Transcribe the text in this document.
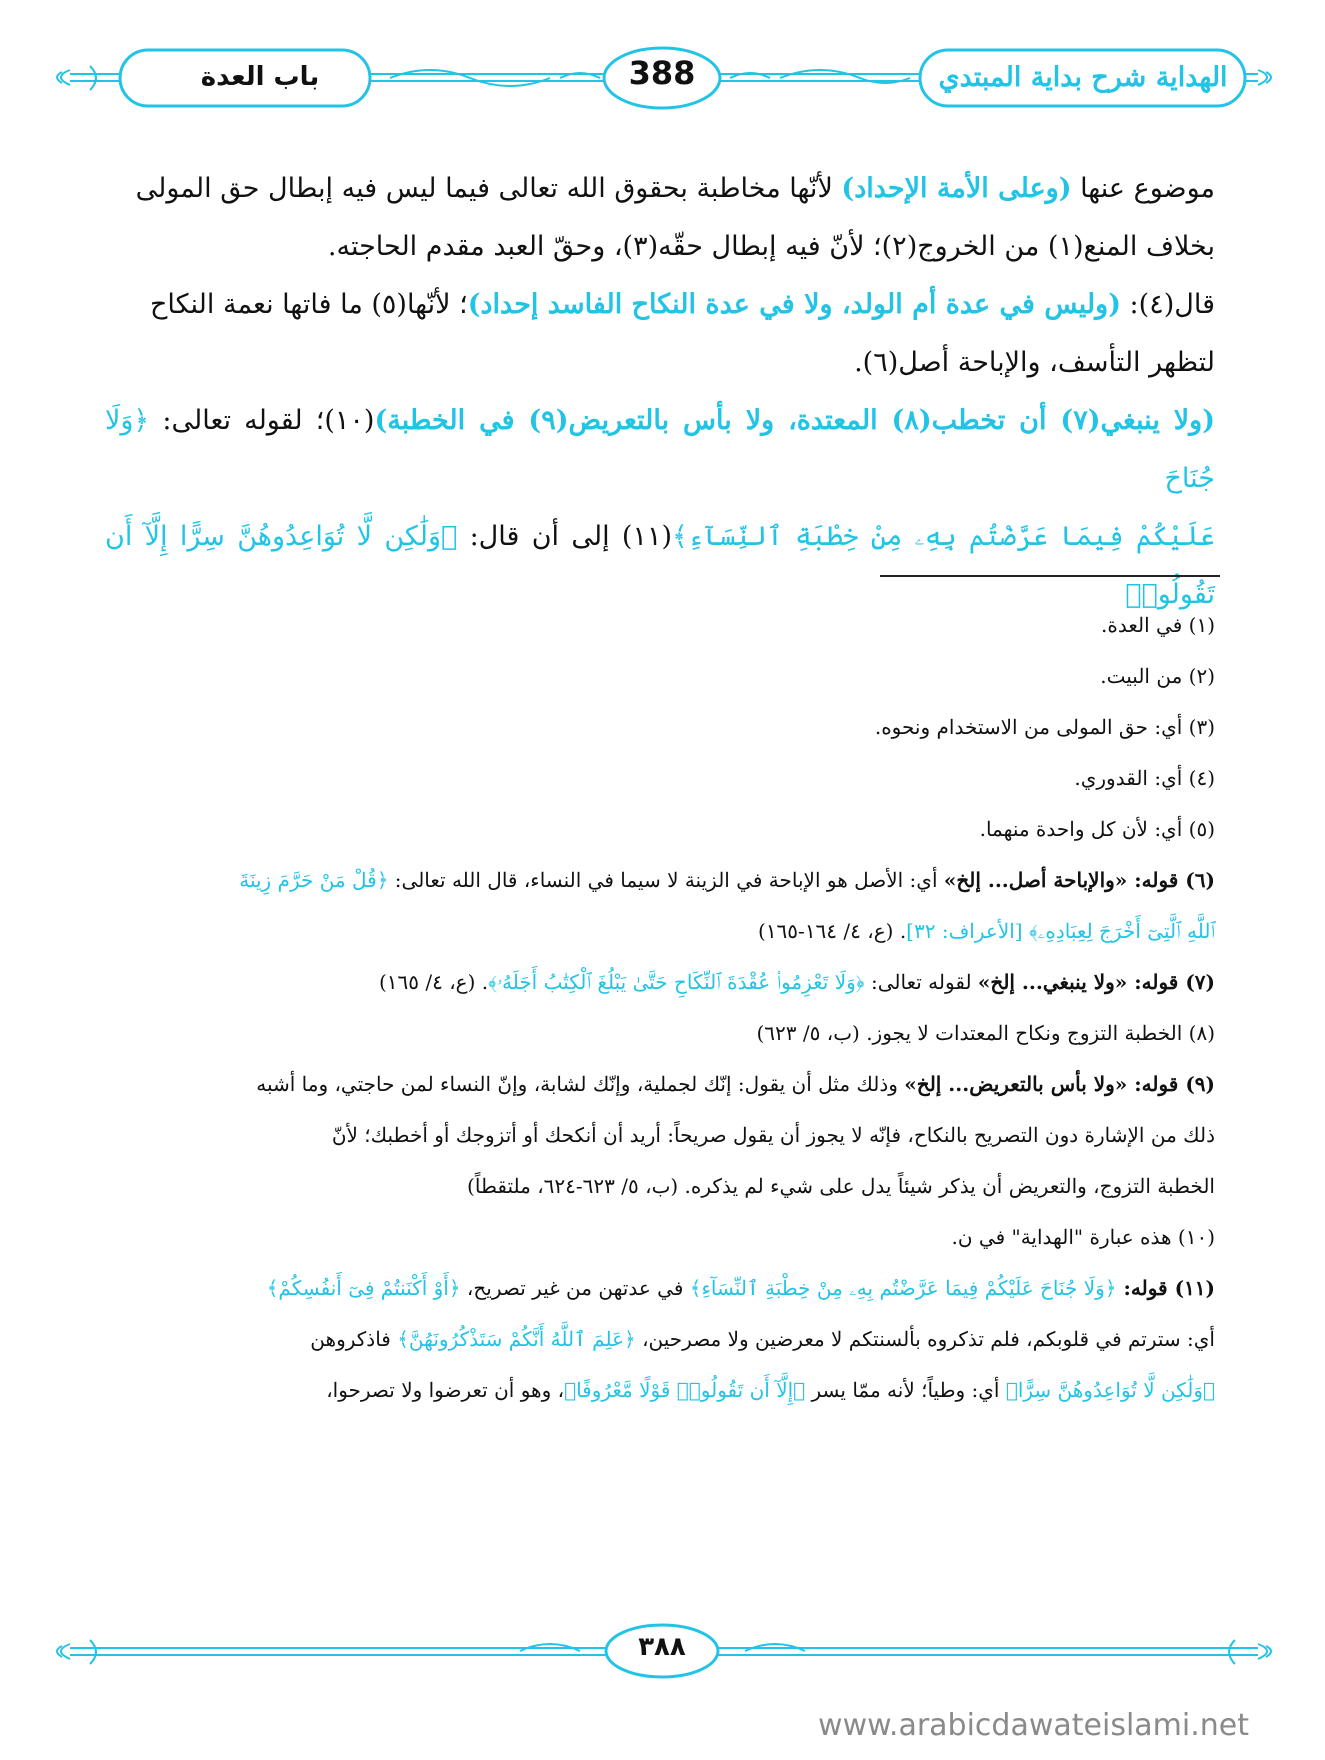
باب العدة	388	الهداية شرح بداية المبتدي

موضوع عنها (وعلى الأمة الإحداد) لأنّها مخاطبة بحقوق الله تعالى فيما ليس فيه إبطال حق المولى

بخلاف المنع(١) من الخروج(٢)؛ لأنّ فيه إبطال حقّه(٣)، وحقّ العبد مقدم الحاجته.

قال(٤): (وليس في عدة أم الولد، ولا في عدة النكاح الفاسد إحداد)؛ لأنّها(٥) ما فاتها نعمة النكاح

لتظهر التأسف، والإباحة أصل(٦).

(ولا ينبغي(٧) أن تخطب(٨) المعتدة، ولا بأس بالتعريض(٩) في الخطبة)(١٠)؛ لقوله تعالى: ﴿وَلَا جُنَاحَ

عَلَيْكُمْ فِيمَا عَرَّضْتُم بِهِۦ مِنْ خِطْبَةِ ٱلنِّسَآءِ﴾(١١) إلى أن قال: ﴿وَلَٰكِن لَّا تُوَاعِدُوهُنَّ سِرًّا إِلَّآ أَن تَقُولُوا۟

(١) في العدة.

(٢) من البيت.

(٣) أي: حق المولى من الاستخدام ونحوه.

(٤) أي: القدوري.

(٥) أي: لأن كل واحدة منهما.

(٦) قوله: «والإباحة أصل... إلخ» أي: الأصل هو الإباحة في الزينة لا سيما في النساء، قال الله تعالى: ﴿قُلْ مَنْ حَرَّمَ زِينَةَ

ٱللَّهِ ٱلَّتِىٓ أَخْرَجَ لِعِبَادِهِۦ﴾ [الأعراف: ٣٢]. (ع، ٤/ ١٦٤-١٦٥)

(٧) قوله: «ولا ينبغي... إلخ» لقوله تعالى: ﴿وَلَا تَعْزِمُوا۟ عُقْدَةَ ٱلنِّكَاحِ حَتَّىٰ يَبْلُغَ ٱلْكِتَٰبُ أَجَلَهُۥ﴾. (ع، ٤/ ١٦٥)

(٨) الخطبة التزوج ونكاح المعتدات لا يجوز. (ب، ٥/ ٦٢٣)

(٩) قوله: «ولا بأس بالتعريض... إلخ» وذلك مثل أن يقول: إنّك لجملية، وإنّك لشابة، وإنّ النساء لمن حاجتي، وما أشبه

ذلك من الإشارة دون التصريح بالنكاح، فإنّه لا يجوز أن يقول صريحاً: أريد أن أنكحك أو أتزوجك أو أخطبك؛ لأنّ

الخطبة التزوج، والتعريض أن يذكر شيئاً يدل على شيء لم يذكره. (ب، ٥/ ٦٢٣-٦٢٤، ملتقطاً)

(١٠) هذه عبارة "الهداية" في ن.

(١١) قوله: ﴿وَلَا جُنَاحَ عَلَيْكُمْ فِيمَا عَرَّضْتُم بِهِۦ مِنْ خِطْبَةِ ٱلنِّسَآءِ﴾ في عدتهن من غير تصريح، ﴿أَوْ أَكْنَنتُمْ فِىٓ أَنفُسِكُمْ﴾

أي: سترتم في قلوبكم، فلم تذكروه بألسنتكم لا معرضين ولا مصرحين، ﴿عَلِمَ ٱللَّهُ أَنَّكُمْ سَتَذْكُرُونَهُنَّ﴾ فاذكروهن

﴿وَلَٰكِن لَّا تُوَاعِدُوهُنَّ سِرًّا﴾ أي: وطياً؛ لأنه ممّا يسر ﴿إِلَّآ أَن تَقُولُوا۟ قَوْلًا مَّعْرُوفًا﴾، وهو أن تعرضوا ولا تصرحوا،

٣٨٨
www.arabicdawateislami.net
